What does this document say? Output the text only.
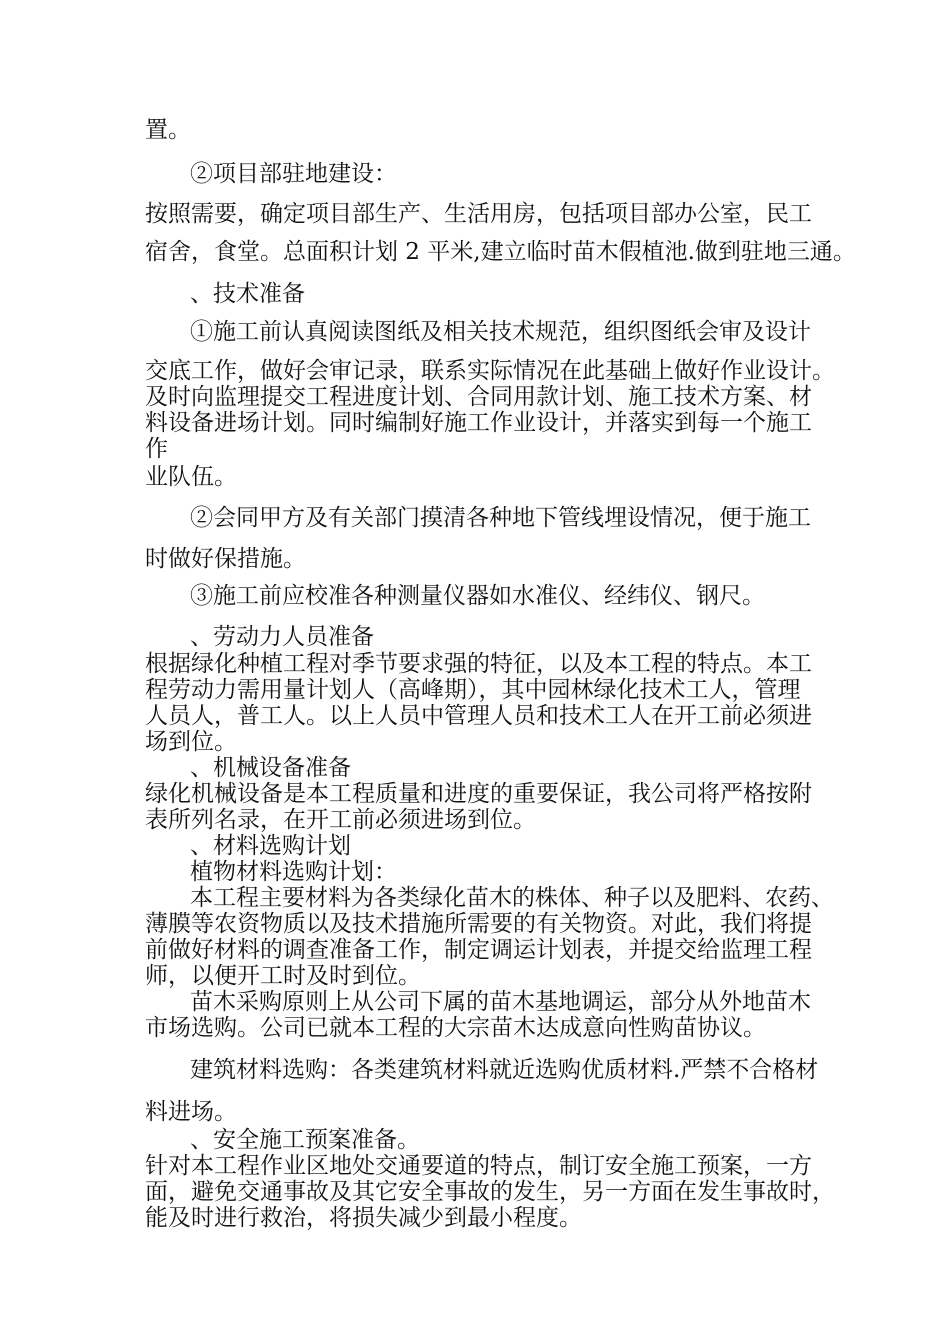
置。
②项目部驻地建设：
按照需要，确定项目部生产、生活用房，包括项目部办公室，民工
宿舍，食堂。总面积计划 2 平米,建立临时苗木假植池.做到驻地三通。
、技术准备
①施工前认真阅读图纸及相关技术规范，组织图纸会审及设计
交底工作，做好会审记录，联系实际情况在此基础上做好作业设计。
及时向监理提交工程进度计划、合同用款计划、施工技术方案、材
料设备进场计划。同时编制好施工作业设计，并落实到每一个施工
作
业队伍。
②会同甲方及有关部门摸清各种地下管线埋设情况，便于施工
时做好保措施。
③施工前应校准各种测量仪器如水准仪、经纬仪、钢尺。
、劳动力人员准备
根据绿化种植工程对季节要求强的特征，以及本工程的特点。本工
程劳动力需用量计划人（高峰期），其中园林绿化技术工人，管理
人员人，普工人。以上人员中管理人员和技术工人在开工前必须进
场到位。
、机械设备准备
绿化机械设备是本工程质量和进度的重要保证，我公司将严格按附
表所列名录，在开工前必须进场到位。
、材料选购计划
植物材料选购计划：
本工程主要材料为各类绿化苗木的株体、种子以及肥料、农药、
薄膜等农资物质以及技术措施所需要的有关物资。对此，我们将提
前做好材料的调查准备工作，制定调运计划表，并提交给监理工程
师，以便开工时及时到位。
苗木采购原则上从公司下属的苗木基地调运，部分从外地苗木
市场选购。公司已就本工程的大宗苗木达成意向性购苗协议。
建筑材料选购：各类建筑材料就近选购优质材料.严禁不合格材
料进场。
、安全施工预案准备。
针对本工程作业区地处交通要道的特点，制订安全施工预案，一方
面，避免交通事故及其它安全事故的发生，另一方面在发生事故时，
能及时进行救治，将损失减少到最小程度。
